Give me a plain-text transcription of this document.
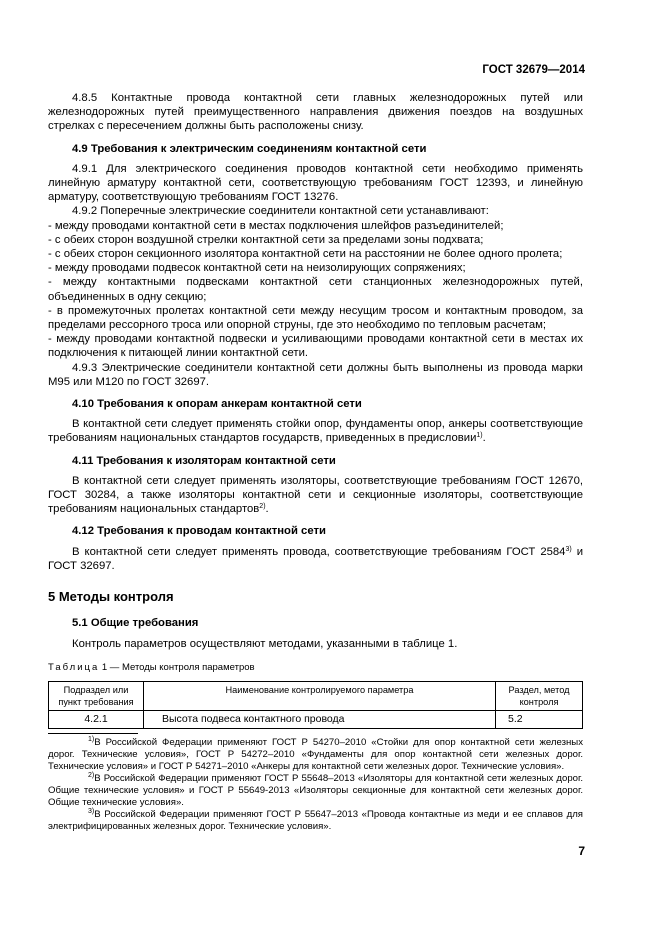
ГОСТ 32679—2014

4.8.5 Контактные провода контактной сети главных железнодорожных путей или железнодорожных путей преимущественного направления движения поездов на воздушных стрелках с пересечением должны быть расположены снизу.

4.9 Требования к электрическим соединениям контактной сети

4.9.1 Для электрического соединения проводов контактной сети необходимо применять линейную арматуру контактной сети, соответствующую требованиям ГОСТ 12393, и линейную арматуру, соответствующую требованиям ГОСТ 13276.

4.9.2 Поперечные электрические соединители контактной сети устанавливают:

- между проводами контактной сети в местах подключения шлейфов разъединителей;

- с обеих сторон воздушной стрелки контактной сети за пределами зоны подхвата;

- с обеих сторон секционного изолятора контактной сети на расстоянии не более одного пролета;

- между проводами подвесок контактной сети на неизолирующих сопряжениях;

- между контактными подвесками контактной сети станционных железнодорожных путей, объединенных в одну секцию;

- в промежуточных пролетах контактной сети между несущим тросом и контактным проводом, за пределами рессорного троса или опорной струны, где это необходимо по тепловым расчетам;

- между проводами контактной подвески и усиливающими проводами контактной сети в местах их подключения к питающей линии контактной сети.

4.9.3 Электрические соединители контактной сети должны быть выполнены из провода марки М95 или М120 по ГОСТ 32697.

4.10 Требования к опорам анкерам контактной сети

В контактной сети следует применять стойки опор, фундаменты опор, анкеры соответствующие требованиям национальных стандартов государств, приведенных в предисловии$^{1)}$.

4.11 Требования к изоляторам контактной сети

В контактной сети следует применять изоляторы, соответствующие требованиям ГОСТ 12670, ГОСТ 30284, а также изоляторы контактной сети и секционные изоляторы, соответствующие требованиям национальных стандартов$^{2)}$.

4.12 Требования к проводам контактной сети

В контактной сети следует применять провода, соответствующие требованиям ГОСТ 2584$^{3)}$ и ГОСТ 32697.

5 Методы контроля

5.1 Общие требования

Контроль параметров осуществляют методами, указанными в таблице 1.

Таблица 1 — Методы контроля параметров

Подраздел или пункт требования	Наименование контролируемого параметра	Раздел, метод контроля
4.2.1	Высота подвеса контактного провода	5.2

$^{1)}$В Российской Федерации применяют ГОСТ Р 54270–2010 «Стойки для опор контактной сети железных дорог. Технические условия», ГОСТ Р 54272–2010 «Фундаменты для опор контактной сети железных дорог. Технические условия» и ГОСТ Р 54271–2010 «Анкеры для контактной сети железных дорог. Технические условия».

$^{2)}$В Российской Федерации применяют ГОСТ Р 55648–2013 «Изоляторы для контактной сети железных дорог. Общие технические условия» и ГОСТ Р 55649-2013 «Изоляторы секционные для контактной сети железных дорог. Общие технические условия».

$^{3)}$В Российской Федерации применяют ГОСТ Р 55647–2013 «Провода контактные из меди и ее сплавов для электрифицированных железных дорог. Технические условия».

7
